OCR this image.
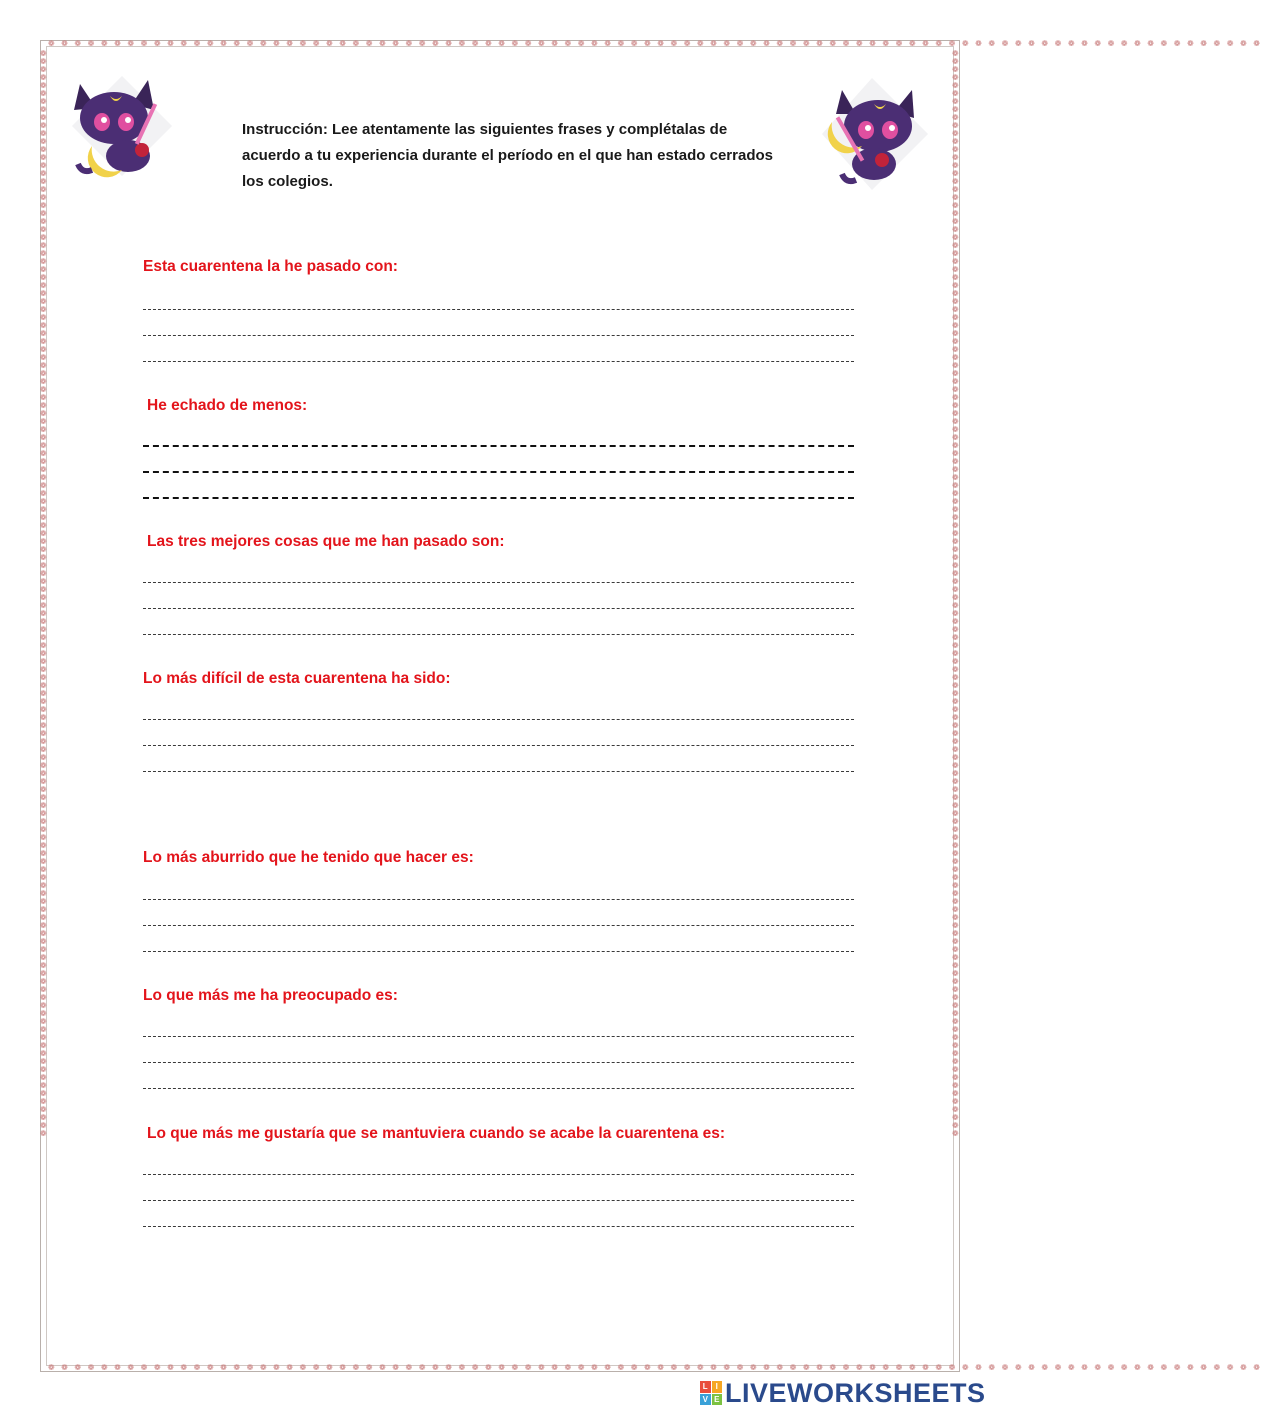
❁ ❁ ❁ ❁ ❁ ❁ ❁ ❁ ❁ ❁ ❁ ❁ ❁ ❁ ❁ ❁ ❁ ❁ ❁ ❁ ❁ ❁ ❁ ❁ ❁ ❁ ❁ ❁ ❁ ❁ ❁ ❁ ❁ ❁ ❁ ❁ ❁ ❁ ❁ ❁ ❁ ❁ ❁ ❁ ❁ ❁ ❁ ❁ ❁ ❁ ❁ ❁ ❁ ❁ ❁ ❁ ❁ ❁ ❁ ❁ ❁ ❁ ❁ ❁ ❁ ❁ ❁ ❁ ❁ ❁ ❁ ❁ ❁ ❁ ❁ ❁ ❁ ❁ ❁ ❁ ❁ ❁ ❁ ❁ ❁ ❁ ❁ ❁ ❁ ❁ ❁ ❁
❁ ❁ ❁ ❁ ❁ ❁ ❁ ❁ ❁ ❁ ❁ ❁ ❁ ❁ ❁ ❁ ❁ ❁ ❁ ❁ ❁ ❁ ❁ ❁ ❁ ❁ ❁ ❁ ❁ ❁ ❁ ❁ ❁ ❁ ❁ ❁ ❁ ❁ ❁ ❁ ❁ ❁ ❁ ❁ ❁ ❁ ❁ ❁ ❁ ❁ ❁ ❁ ❁ ❁ ❁ ❁ ❁ ❁ ❁ ❁ ❁ ❁ ❁ ❁ ❁ ❁ ❁ ❁ ❁ ❁ ❁ ❁ ❁ ❁ ❁ ❁ ❁ ❁ ❁ ❁ ❁ ❁ ❁ ❁ ❁ ❁ ❁ ❁ ❁ ❁ ❁ ❁
❁❁❁❁❁❁❁❁❁❁❁❁❁❁❁❁❁❁❁❁❁❁❁❁❁❁❁❁❁❁❁❁❁❁❁❁❁❁❁❁❁❁❁❁❁❁❁❁❁❁❁❁❁❁❁❁❁❁❁❁❁❁❁❁❁❁❁❁❁❁❁❁❁❁❁❁❁❁❁❁❁❁❁❁❁❁❁❁❁❁❁❁❁❁❁❁❁❁❁❁❁❁❁❁❁❁❁❁❁❁❁❁❁❁❁❁❁❁❁❁❁❁❁❁❁❁❁❁❁❁❁❁❁❁❁❁
❁❁❁❁❁❁❁❁❁❁❁❁❁❁❁❁❁❁❁❁❁❁❁❁❁❁❁❁❁❁❁❁❁❁❁❁❁❁❁❁❁❁❁❁❁❁❁❁❁❁❁❁❁❁❁❁❁❁❁❁❁❁❁❁❁❁❁❁❁❁❁❁❁❁❁❁❁❁❁❁❁❁❁❁❁❁❁❁❁❁❁❁❁❁❁❁❁❁❁❁❁❁❁❁❁❁❁❁❁❁❁❁❁❁❁❁❁❁❁❁❁❁❁❁❁❁❁❁❁❁❁❁❁❁❁❁
Instrucción: Lee atentamente las siguientes frases y complétalas de acuerdo a tu experiencia durante el período en el que han estado cerrados los colegios.
Esta cuarentena la he pasado con:
He echado de menos:
Las tres mejores cosas que me han pasado son:
Lo más difícil de esta cuarentena ha sido:
Lo más aburrido que he tenido que hacer es:
Lo que más me ha preocupado es:
Lo que más me gustaría que se mantuviera cuando se acabe la cuarentena es:
L I
V E LIVEWORKSHEETS
